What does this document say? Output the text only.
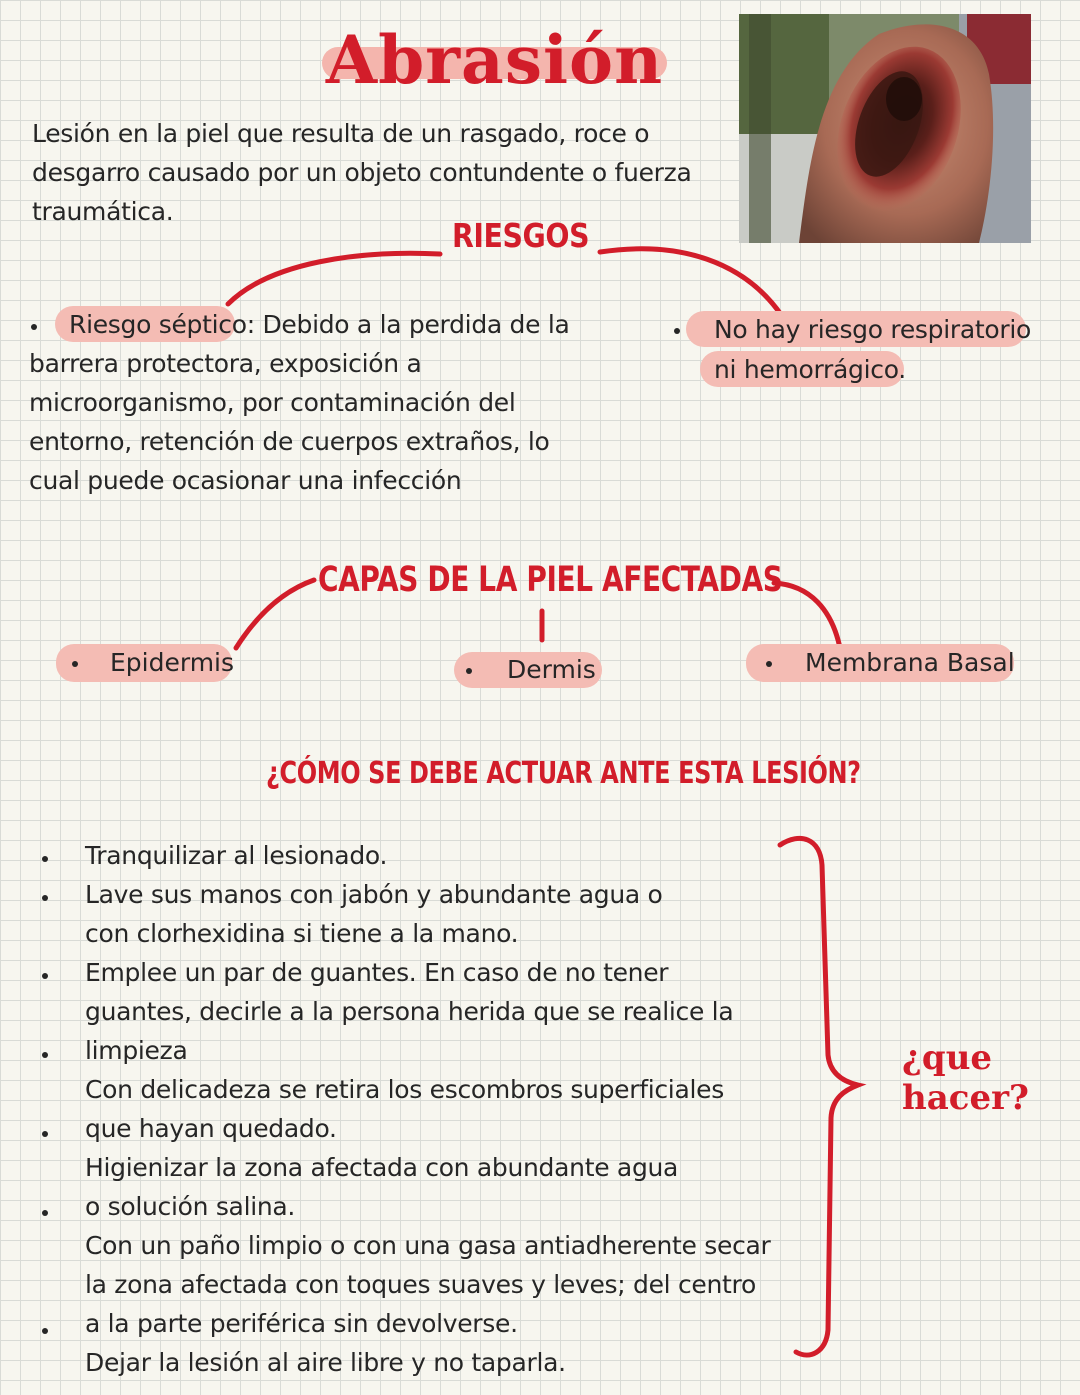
Abrasión
Lesión en la piel que resulta de un rasgado, roce o desgarro causado por un objeto contundente o fuerza traumática.
RIESGOS
Riesgo séptico: Debido a la perdida de la barrera protectora, exposición a microorganismo, por contaminación del entorno, retención de cuerpos extraños, lo cual puede ocasionar una infección
No hay riesgo respiratorio
ni hemorrágico.
CAPAS DE LA PIEL AFECTADAS
Epidermis	Dermis	Membrana Basal
¿CÓMO SE DEBE ACTUAR ANTE ESTA LESIÓN?
Tranquilizar al lesionado.
Lave sus manos con jabón y abundante agua o con clorhexidina si tiene a la mano.
Emplee un par de guantes. En caso de no tener guantes, decirle a la persona herida que se realice la limpieza
Con delicadeza se retira los escombros superficiales que hayan quedado.
Higienizar la zona afectada con abundante agua o solución salina.
Con un paño limpio o con una gasa antiadherente secar la zona afectada con toques suaves y leves; del centro a la parte periférica sin devolverse.
Dejar la lesión al aire libre y no taparla.
¿que hacer?
